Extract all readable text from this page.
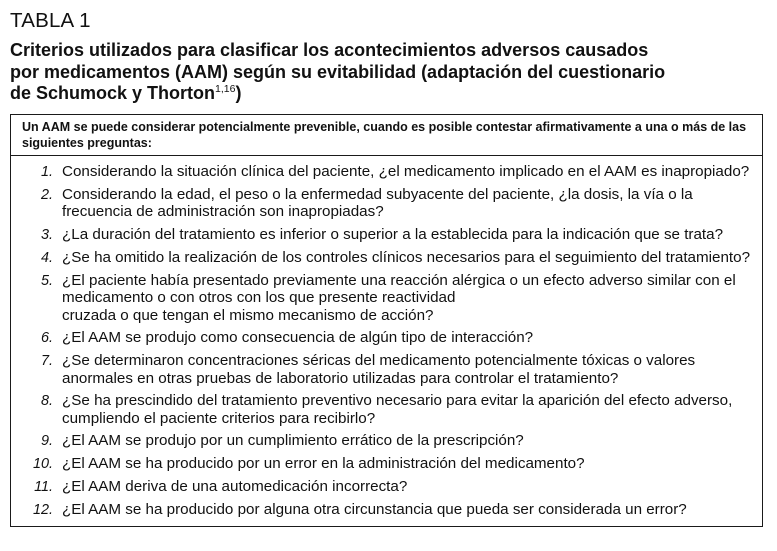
TABLA 1
Criterios utilizados para clasificar los acontecimientos adversos causados
por medicamentos (AAM) según su evitabilidad (adaptación del cuestionario
de Schumock y Thorton$^{1,16}$)
Un AAM se puede considerar potencialmente prevenible, cuando es posible contestar afirmativamente a una o más de las siguientes preguntas:
1. Considerando la situación clínica del paciente, ¿el medicamento implicado en el AAM es inapropiado?
2. Considerando la edad, el peso o la enfermedad subyacente del paciente, ¿la dosis, la vía o la
frecuencia de administración son inapropiadas?
3. ¿La duración del tratamiento es inferior o superior a la establecida para la indicación que se trata?
4. ¿Se ha omitido la realización de los controles clínicos necesarios para el seguimiento del tratamiento?
5. ¿El paciente había presentado previamente una reacción alérgica o un efecto adverso similar con el
medicamento o con otros con los que presente reactividad
cruzada o que tengan el mismo mecanismo de acción?
6. ¿El AAM se produjo como consecuencia de algún tipo de interacción?
7. ¿Se determinaron concentraciones séricas del medicamento potencialmente tóxicas o valores
anormales en otras pruebas de laboratorio utilizadas para controlar el tratamiento?
8. ¿Se ha prescindido del tratamiento preventivo necesario para evitar la aparición del efecto adverso,
cumpliendo el paciente criterios para recibirlo?
9. ¿El AAM se produjo por un cumplimiento errático de la prescripción?
10. ¿El AAM se ha producido por un error en la administración del medicamento?
11. ¿El AAM deriva de una automedicación incorrecta?
12. ¿El AAM se ha producido por alguna otra circunstancia que pueda ser considerada un error?
